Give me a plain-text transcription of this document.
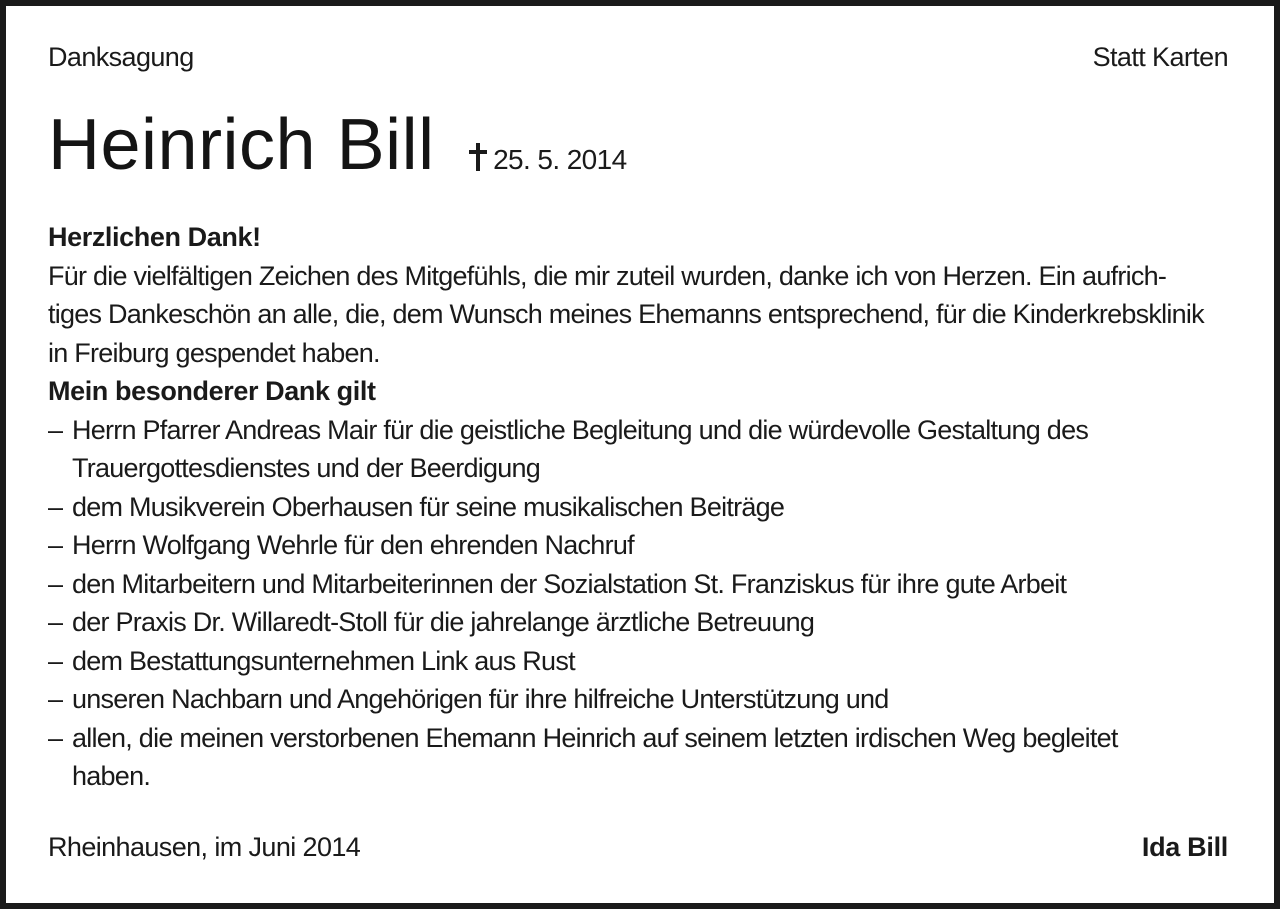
Danksagung	Statt Karten
Heinrich Bill 25. 5. 2014

Herzlichen Dank!

Für die vielfältigen Zeichen des Mitgefühls, die mir zuteil wurden, danke ich von Herzen. Ein aufrich-
tiges Dankeschön an alle, die, dem Wunsch meines Ehemanns entsprechend, für die Kinderkrebsklinik
in Freiburg gespendet haben.

Mein besonderer Dank gilt

– Herrn Pfarrer Andreas Mair für die geistliche Begleitung und die würdevolle Gestaltung des
Trauergottesdienstes und der Beerdigung
– dem Musikverein Oberhausen für seine musikalischen Beiträge
– Herrn Wolfgang Wehrle für den ehrenden Nachruf
– den Mitarbeitern und Mitarbeiterinnen der Sozialstation St. Franziskus für ihre gute Arbeit
– der Praxis Dr. Willaredt-Stoll für die jahrelange ärztliche Betreuung
– dem Bestattungsunternehmen Link aus Rust
– unseren Nachbarn und Angehörigen für ihre hilfreiche Unterstützung und
– allen, die meinen verstorbenen Ehemann Heinrich auf seinem letzten irdischen Weg begleitet
haben.
Rheinhausen, im Juni 2014	Ida Bill
